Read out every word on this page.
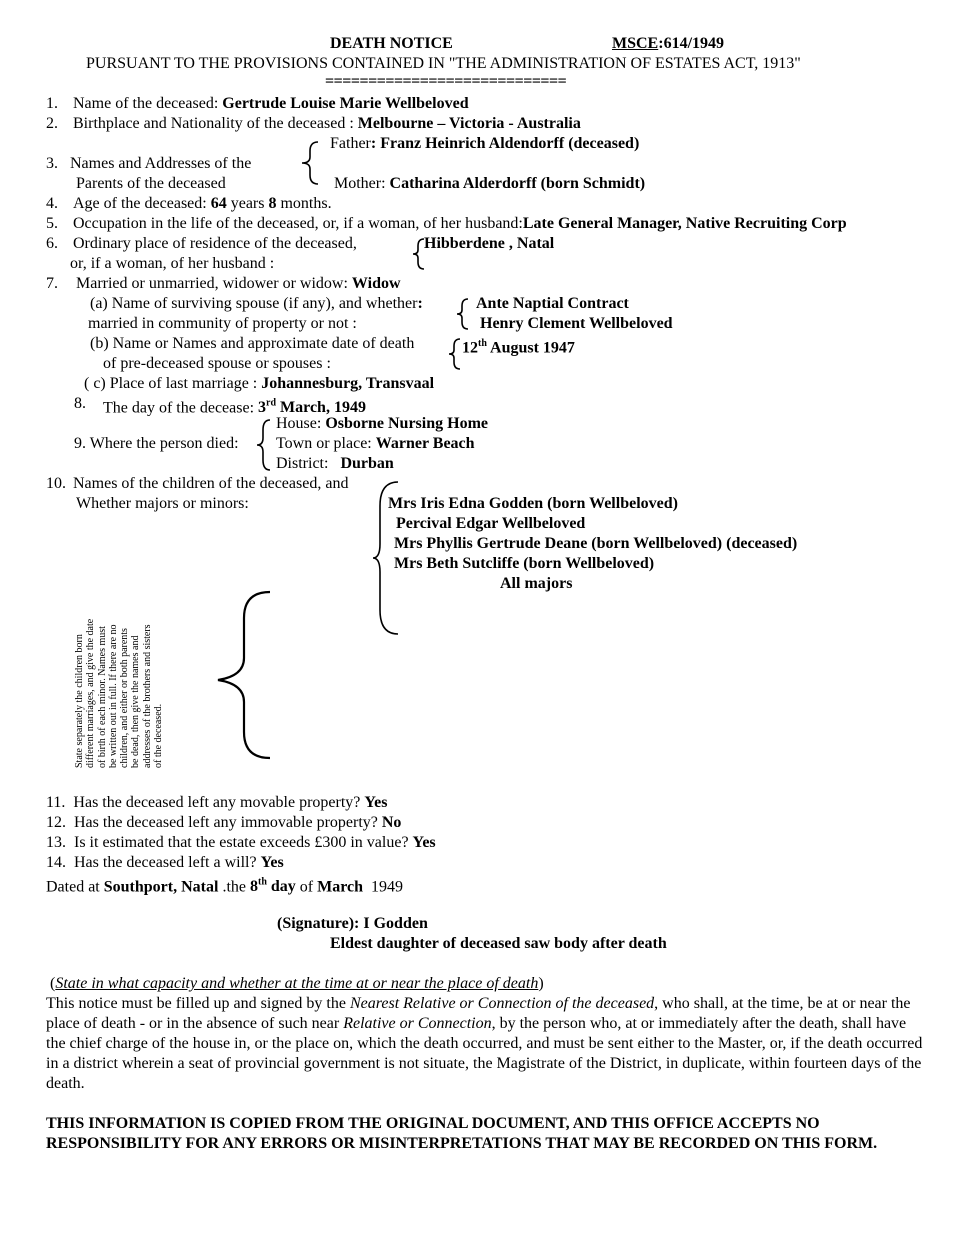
DEATH NOTICE	MSCE:614/1949
PURSUANT TO THE PROVISIONS CONTAINED IN "THE ADMINISTRATION OF ESTATES ACT, 1913"
============================
1. Name of the deceased: Gertrude Louise Marie Wellbeloved
2. Birthplace and Nationality of the deceased : Melbourne – Victoria - Australia
3. Names and Addresses of the
Parents of the deceased
Father: Franz Heinrich Aldendorff (deceased)
Mother: Catharina Alderdorff (born Schmidt)
4. Age of the deceased: 64 years 8 months.
5. Occupation in the life of the deceased, or, if a woman, of her husband:Late General Manager, Native Recruiting Corp
6. Ordinary place of residence of the deceased,
or, if a woman, of her husband :
Hibberdene , Natal
7. Married or unmarried, widower or widow: Widow
(a) Name of surviving spouse (if any), and whether:
married in community of property or not :
Ante Naptial Contract
Henry Clement Wellbeloved
(b) Name or Names and approximate date of death
of pre-deceased spouse or spouses :
12th August 1947
( c) Place of last marriage : Johannesburg, Transvaal
8. The day of the decease: 3rd March, 1949
9. Where the person died:
House: Osborne Nursing Home
Town or place: Warner Beach
District: Durban
10. Names of the children of the deceased, and
Whether majors or minors:	Mrs Iris Edna Godden (born Wellbeloved)
Percival Edgar Wellbeloved
Mrs Phyllis Gertrude Deane (born Wellbeloved) (deceased)
Mrs Beth Sutcliffe (born Wellbeloved)
All majors
State separately the children born different marriages, and give the date of birth of each minor. Names must be written out in full. If there are no children, and either or both parents be dead, then give the names and addresses of the brothers and sisters of the deceased.
11. Has the deceased left any movable property? Yes
12. Has the deceased left any immovable property? No
13. Is it estimated that the estate exceeds £300 in value? Yes
14. Has the deceased left a will? Yes
Dated at Southport, Natal .the 8th day of March 1949
(Signature): I Godden
Eldest daughter of deceased saw body after death
(State in what capacity and whether at the time at or near the place of death)
This notice must be filled up and signed by the Nearest Relative or Connection of the deceased, who shall, at the time, be at or near the place of death - or in the absence of such near Relative or Connection, by the person who, at or immediately after the death, shall have the chief charge of the house in, or the place on, which the death occurred, and must be sent either to the Master, or, if the death occurred in a district wherein a seat of provincial government is not situate, the Magistrate of the District, in duplicate, within fourteen days of the death.
THIS INFORMATION IS COPIED FROM THE ORIGINAL DOCUMENT, AND THIS OFFICE ACCEPTS NO RESPONSIBILITY FOR ANY ERRORS OR MISINTERPRETATIONS THAT MAY BE RECORDED ON THIS FORM.
